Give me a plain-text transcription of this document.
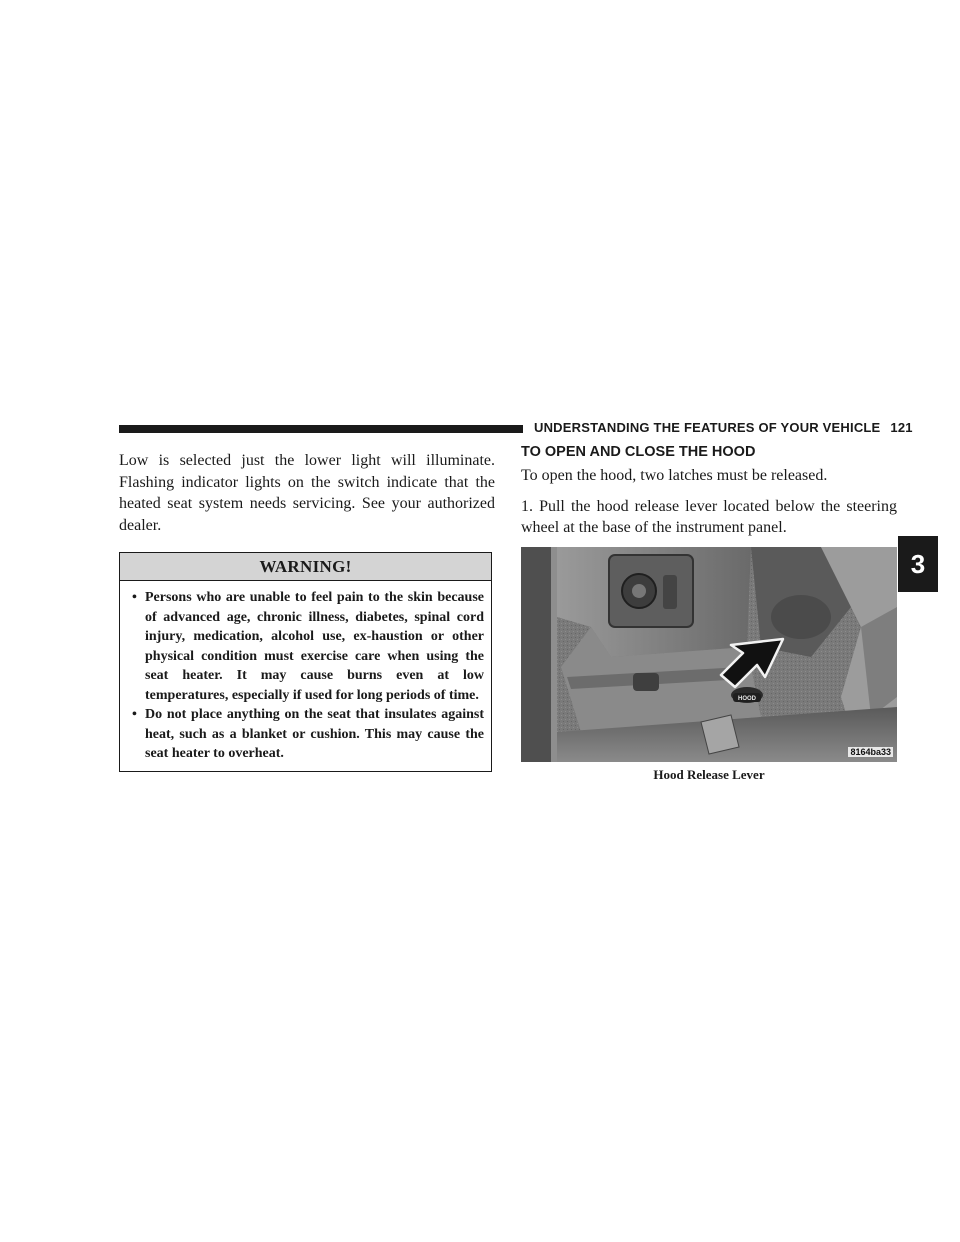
UNDERSTANDING THE FEATURES OF YOUR VEHICLE 121
3

Low is selected just the lower light will illuminate. Flashing indicator lights on the switch indicate that the heated seat system needs servicing. See your authorized dealer.

WARNING!
• Persons who are unable to feel pain to the skin because of advanced age, chronic illness, diabetes, spinal cord injury, medication, alcohol use, ex-haustion or other physical condition must exercise care when using the seat heater. It may cause burns even at low temperatures, especially if used for long periods of time.
• Do not place anything on the seat that insulates against heat, such as a blanket or cushion. This may cause the seat heater to overheat.
TO OPEN AND CLOSE THE HOOD

To open the hood, two latches must be released.

1. Pull the hood release lever located below the steering wheel at the base of the instrument panel.

HOOD
8164ba33
Hood Release Lever
